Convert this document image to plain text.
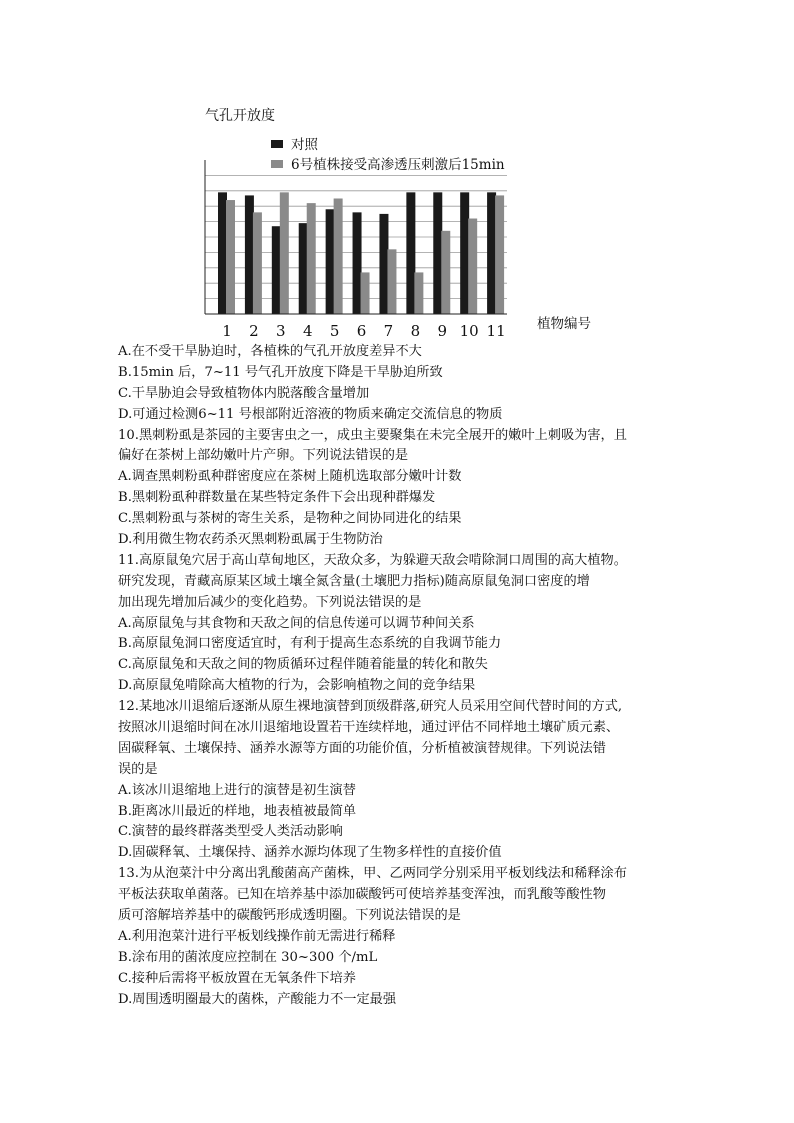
1 2 3 4 5 6 7 8 9 10 11
气孔开放度
对照
6号植株接受高渗透压刺激后15min
植物编号
A.在不受干旱胁迫时，各植株的气孔开放度差异不大
B.15min 后，7~11 号气孔开放度下降是干旱胁迫所致
C.干旱胁迫会导致植物体内脱落酸含量增加
D.可通过检测6~11 号根部附近溶液的物质来确定交流信息的物质
10.黑刺粉虱是茶园的主要害虫之一，成虫主要聚集在未完全展开的嫩叶上刺吸为害，且
偏好在茶树上部幼嫩叶片产卵。下列说法错误的是
A.调查黑刺粉虱种群密度应在茶树上随机选取部分嫩叶计数
B.黑刺粉虱种群数量在某些特定条件下会出现种群爆发
C.黑刺粉虱与茶树的寄生关系，是物种之间协同进化的结果
D.利用微生物农药杀灭黑刺粉虱属于生物防治
11.高原鼠兔穴居于高山草甸地区，天敌众多，为躲避天敌会啃除洞口周围的高大植物。
研究发现，青藏高原某区域土壤全氮含量(土壤肥力指标)随高原鼠兔洞口密度的增
加出现先增加后减少的变化趋势。下列说法错误的是
A.高原鼠兔与其食物和天敌之间的信息传递可以调节种间关系
B.高原鼠兔洞口密度适宜时，有利于提高生态系统的自我调节能力
C.高原鼠兔和天敌之间的物质循环过程伴随着能量的转化和散失
D.高原鼠兔啃除高大植物的行为，会影响植物之间的竞争结果
12.某地冰川退缩后逐渐从原生裸地演替到顶级群落,研究人员采用空间代替时间的方式,
按照冰川退缩时间在冰川退缩地设置若干连续样地，通过评估不同样地土壤矿质元素、
固碳释氧、土壤保持、涵养水源等方面的功能价值，分析植被演替规律。下列说法错
误的是
A.该冰川退缩地上进行的演替是初生演替
B.距离冰川最近的样地，地表植被最简单
C.演替的最终群落类型受人类活动影响
D.固碳释氧、土壤保持、涵养水源均体现了生物多样性的直接价值
13.为从泡菜汁中分离出乳酸菌高产菌株，甲、乙两同学分别采用平板划线法和稀释涂布
平板法获取单菌落。已知在培养基中添加碳酸钙可使培养基变浑浊，而乳酸等酸性物
质可溶解培养基中的碳酸钙形成透明圈。下列说法错误的是
A.利用泡菜汁进行平板划线操作前无需进行稀释
B.涂布用的菌浓度应控制在 30~300 个/mL
C.接种后需将平板放置在无氧条件下培养
D.周围透明圈最大的菌株，产酸能力不一定最强
